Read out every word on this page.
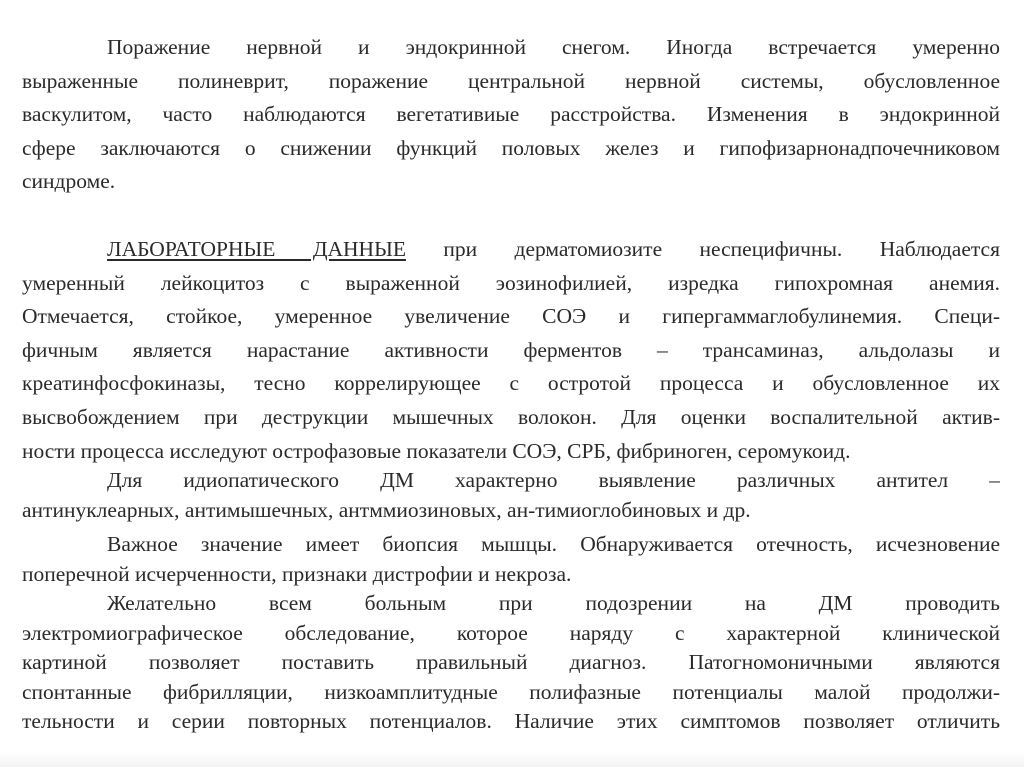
Поражение нервной и эндокринной снегом. Иногда встречается умеренно
выраженные полиневрит, поражение центральной нервной системы, обусловленное
васкулитом, часто наблюдаются вегетативиые расстройства. Изменения в эндокринной
сфере заключаются о снижении функций половых желез и гипофизарнонадпочечниковом
синдроме.
ЛАБОРАТОРНЫЕ ДАННЫЕ при дерматомиозите неспецифичны. Наблюдается
умеренный лейкоцитоз с выраженной эозинофилией, изредка гипохромная анемия.
Отмечается, стойкое, умеренное увеличение СОЭ и гипергаммаглобулинемия. Специ-
фичным является нарастание активности ферментов – трансаминаз, альдолазы и
креатинфосфокиназы, тесно коррелирующее с остротой процесса и обусловленное их
высвобождением при деструкции мышечных волокон. Для оценки воспалительной актив-
ности процесса исследуют острофазовые показатели СОЭ, СРБ, фибриноген, серомукоид.
Для идиопатического ДМ характерно выявление различных антител –
антинуклеарных, антимышечных, антммиозиновых, ан-тимиоглобиновых и др.
Важное значение имеет биопсия мышцы. Обнаруживается отечность, исчезновение
поперечной исчерченности, признаки дистрофии и некроза.
Желательно всем больным при подозрении на ДМ проводить
электромиографическое обследование, которое наряду с характерной клинической
картиной позволяет поставить правильный диагноз. Патогномоничными являются
спонтанные фибрилляции, низкоамплитудные полифазные потенциалы малой продолжи-
тельности и серии повторных потенциалов. Наличие этих симптомов позволяет отличить
